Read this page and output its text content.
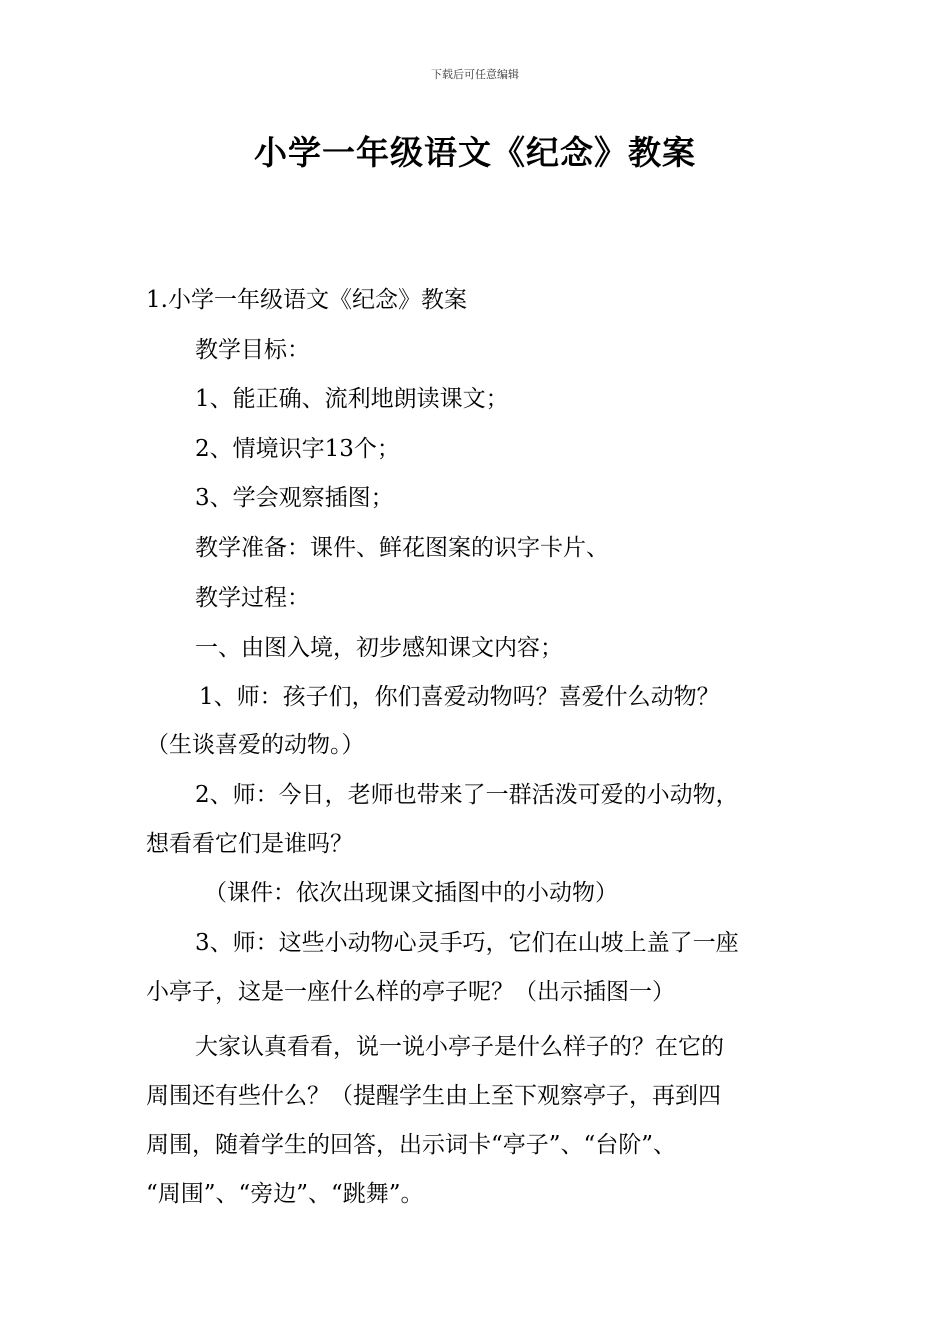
下载后可任意编辑
小学一年级语文《纪念》教案
1.小学一年级语文《纪念》教案
教学目标：
1、能正确、流利地朗读课文；
2、情境识字13个；
3、学会观察插图；
教学准备：课件、鲜花图案的识字卡片、
教学过程：
一、由图入境，初步感知课文内容；
1、师：孩子们，你们喜爱动物吗？喜爱什么动物？
（生谈喜爱的动物。）
2、师：今日，老师也带来了一群活泼可爱的小动物，
想看看它们是谁吗？
（课件：依次出现课文插图中的小动物）
3、师：这些小动物心灵手巧，它们在山坡上盖了一座
小亭子，这是一座什么样的亭子呢？（出示插图一）
大家认真看看，说一说小亭子是什么样子的？在它的
周围还有些什么？（提醒学生由上至下观察亭子，再到四
周围，随着学生的回答，出示词卡“亭子”、“台阶”、
“周围”、“旁边”、“跳舞”。
